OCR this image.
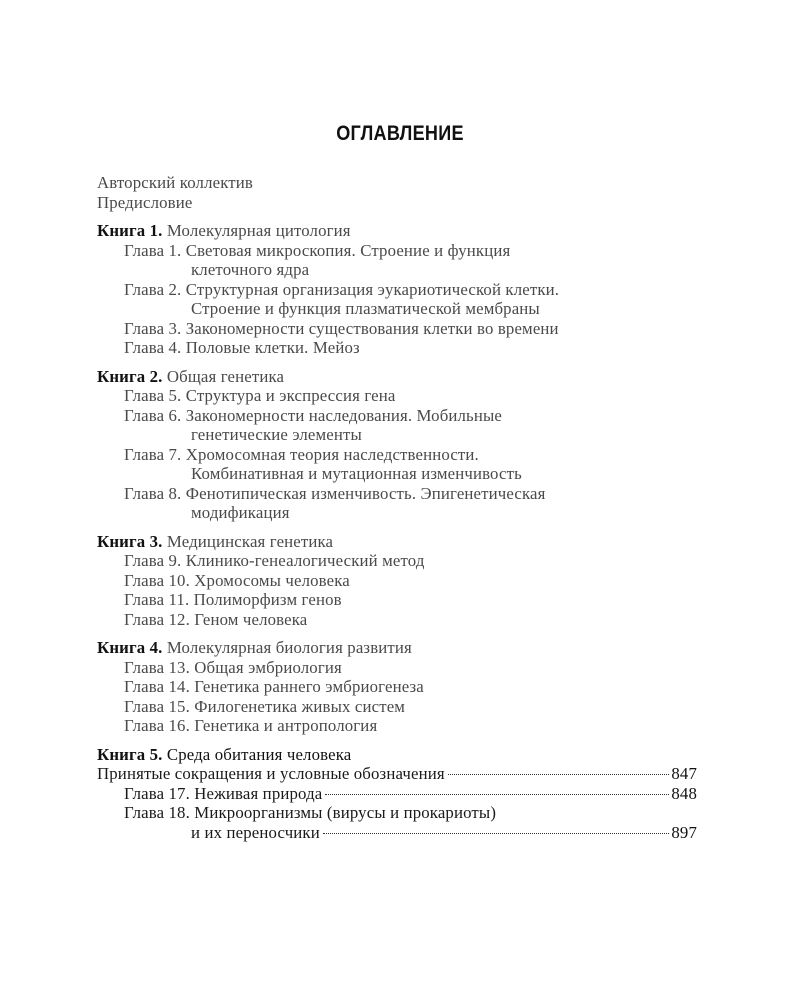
ОГЛАВЛЕНИЕ
Авторский коллектив
Предисловие
Книга 1. Молекулярная цитология
Глава 1. Световая микроскопия. Строение и функция
клеточного ядра
Глава 2. Структурная организация эукариотической клетки.
Строение и функция плазматической мембраны
Глава 3. Закономерности существования клетки во времени
Глава 4. Половые клетки. Мейоз
Книга 2. Общая генетика
Глава 5. Структура и экспрессия гена
Глава 6. Закономерности наследования. Мобильные
генетические элементы
Глава 7. Хромосомная теория наследственности.
Комбинативная и мутационная изменчивость
Глава 8. Фенотипическая изменчивость. Эпигенетическая
модификация
Книга 3. Медицинская генетика
Глава 9. Клинико-генеалогический метод
Глава 10. Хромосомы человека
Глава 11. Полиморфизм генов
Глава 12. Геном человека
Книга 4. Молекулярная биология развития
Глава 13. Общая эмбриология
Глава 14. Генетика раннего эмбриогенеза
Глава 15. Филогенетика живых систем
Глава 16. Генетика и антропология
Книга 5. Среда обитания человека
Принятые сокращения и условные обозначения	847
Глава 17. Неживая природа	848
Глава 18. Микроорганизмы (вирусы и прокариоты)
и их переносчики	897
